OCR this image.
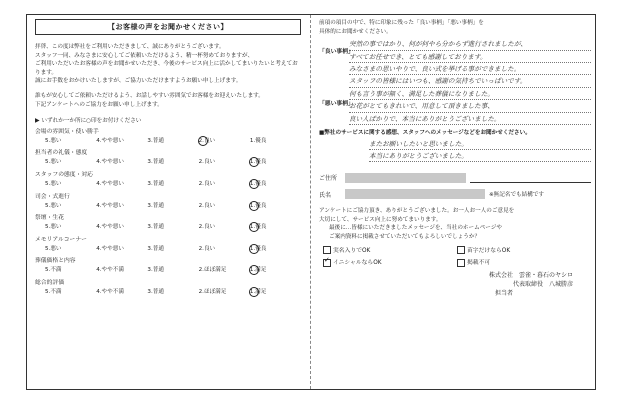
【お客様の声をお聞かせください】

拝啓、この度は弊社をご利用いただきまして、誠にありがとうございます。

スタッフ一同、みなさまに安心してご依頼いただけるよう、精一杯努めておりますが、

ご利用いただいたお客様の声をお聞かせいただき、今後のサービス向上に活かしてまいりたいと考えております。

誠にお手数をおかけいたしますが、ご協力いただけますようお願い申し上げます。

誰もが安心してご依頼いただけるよう、お話しやすい雰囲気でお客様をお迎えいたします。

下記アンケートへのご協力をお願い申し上げます。

▶ いずれか一か所に○印をお付けください
会場の雰囲気・使い勝手
5.悪い	4.やや悪い	3.普通	2.良い	1.優良
担当者の礼儀・態度
5.悪い	4.やや悪い	3.普通	2.良い	1.優良
スタッフの態度・対応
5.悪い	4.やや悪い	3.普通	2.良い	1.優良
司会・式進行
5.悪い	4.やや悪い	3.普通	2.良い	1.優良
祭壇・生花
5.悪い	4.やや悪い	3.普通	2.良い	1.優良
メモリアルコーナー
5.悪い	4.やや悪い	3.普通	2.良い	1.優良
葬儀価格と内容
5.不満	4.やや不満	3.普通	2.ほぼ満足	1.満足
総合的評価
5.不満	4.やや不満	3.普通	2.ほぼ満足	1.満足

前項の項目の中で、特に印象に残った「良い事柄」「悪い事柄」を

具体的にお聞かせください。

「良い事柄」
「悪い事柄」
突然の事ではかり、何が何やら分からず進行されましたが、
すべてお任せでき、とても感謝しております。
みなさまの思いやりで、良い式を挙げる事ができました。
スタッフの皆様にはいつも、感謝の気持ちでいっぱいです。
何も言う事が無く、満足した葬儀になりました。
お花がとてもきれいで、用意して頂きました事、
良い人ばかりで、本当にありがとうございました。

■弊社のサービスに関する感想、スタッフへのメッセージなどをお聞かせください。

またお願いしたいと思いました。
本当にありがとうございました。
ご住所
氏名	※無記名でも結構です

アンケートにご協力頂き、ありがとうございました。お一人お一人のご意見を

大切にして、サービス向上に努めてまいります。

最後に…皆様にいただきましたメッセージを、当社のホームページや

ご案内資料に掲載させていただいてもよろしいでしょうか？

実名入りでOK	苗字だけならOK
✓ イニシャルならOK	掲載不可
株式会社　雲雀・暮石のヤシロ
代表取締役　八城勝彦
担当者
